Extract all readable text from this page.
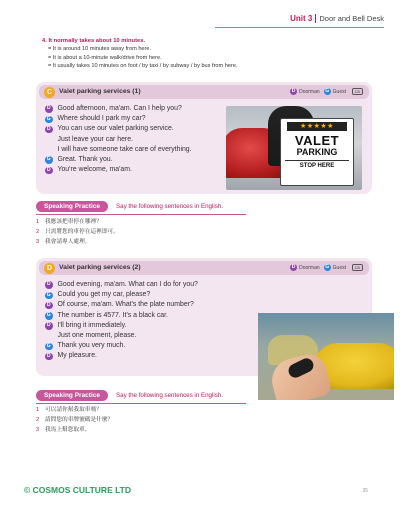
Unit 3 Door and Bell Desk
4. It normally takes about 10 minutes.
= It is around 10 minutes away from here.
= It is about a 10-minute walk/drive from here.
= It usually takes 10 minutes on foot / by taxi / by subway / by bus from here.
C	Valet parking services (1)	D Doorman	G Guest	CD
D Good afternoon, ma'am. Can I help you?
G Where should I park my car?
D You can use our valet parking service.
Just leave your car here.
I will have someone take care of everything.
G Great. Thank you.
D You're welcome, ma'am.
★★★★★
VALET
PARKING
STOP HERE
Speaking Practice	Say the following sentences in English.
1 我應該把車停在哪裡？
2 只需將您的車停在這裡即可。
3 我會請專人處理。
D	Valet parking services (2)	D Doorman	G Guest	CD
D Good evening, ma'am. What can I do for you?
G Could you get my car, please?
D Of course, ma'am. What's the plate number?
G The number is 4577. It's a black car.
D I'll bring it immediately.
Just one moment, please.
G Thank you very much.
D My pleasure.
Speaking Practice	Say the following sentences in English.
1 可以請你幫我取車嗎？
2 請問您的車牌號碼是什麼？
3 我馬上幫您取車。
© COSMOS CULTURE LTD	35
